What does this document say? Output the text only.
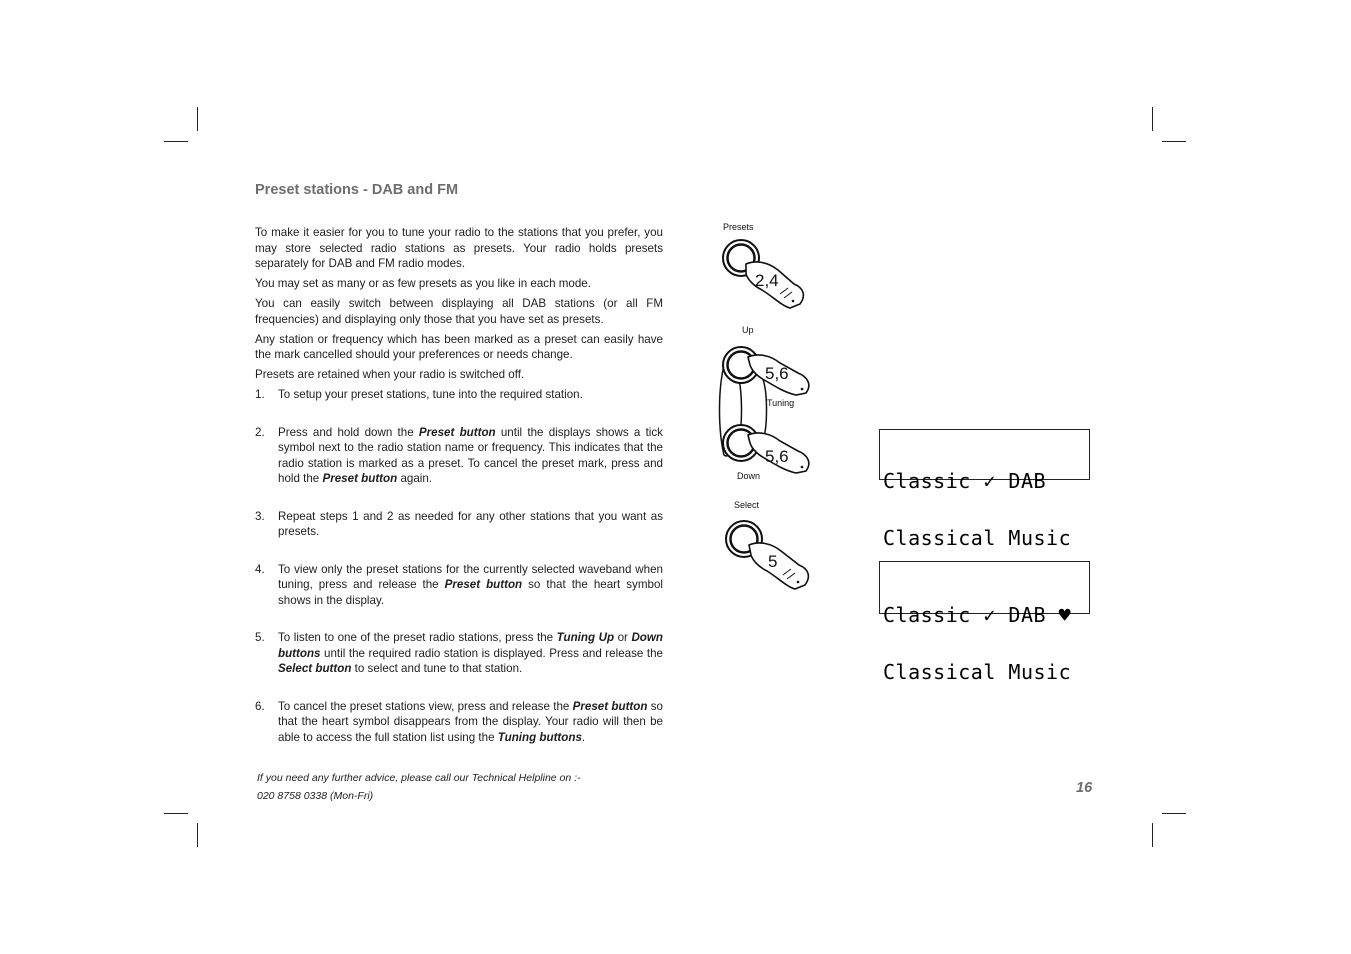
Preset stations - DAB and FM

To make it easier for you to tune your radio to the stations that you prefer, you may store selected radio stations as presets. Your radio holds presets separately for DAB and FM radio modes.

You may set as many or as few presets as you like in each mode.

You can easily switch between displaying all DAB stations (or all FM frequencies) and displaying only those that you have set as presets.

Any station or frequency which has been marked as a preset can easily have the mark cancelled should your preferences or needs change.

Presets are retained when your radio is switched off.

1. To setup your preset stations, tune into the required station.
2. Press and hold down the Preset button until the displays shows a tick symbol next to the radio station name or frequency. This indicates that the radio station is marked as a preset. To cancel the preset mark, press and hold the Preset button again.
3. Repeat steps 1 and 2 as needed for any other stations that you want as presets.
4. To view only the preset stations for the currently selected waveband when tuning, press and release the Preset button so that the heart symbol shows in the display.
5. To listen to one of the preset radio stations, press the Tuning Up or Down buttons until the required radio station is displayed. Press and release the Select button to select and tune to that station.
6. To cancel the preset stations view, press and release the Preset button so that the heart symbol disappears from the display. Your radio will then be able to access the full station list using the Tuning buttons.
Presets
2,4
Up
5,6
Tuning
5,6
Down
Select
5

Classic ✓ DAB

Classical Music

Classic ✓ DAB ♥

Classical Music

If you need any further advice, please call our Technical Helpline on :-
020 8758 0338 (Mon-Fri)	16
